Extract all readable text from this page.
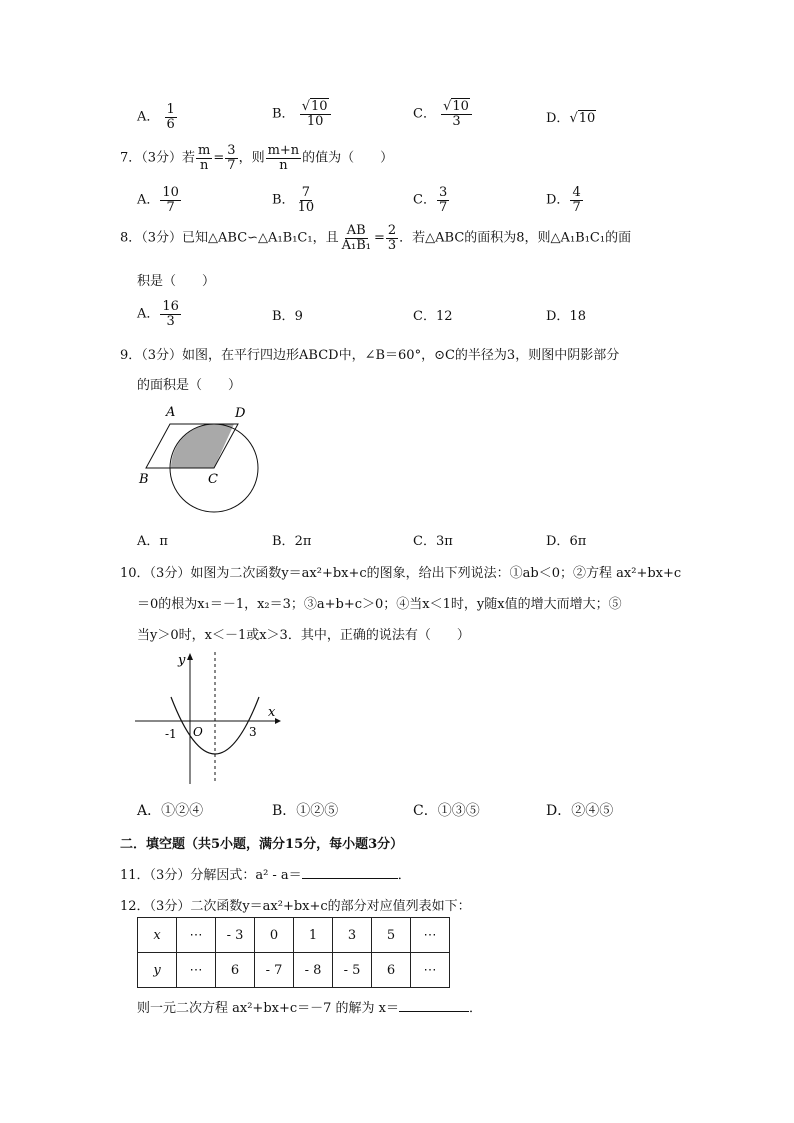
A． $\frac{1}{6}$	B． $\frac{√10}{10}$	C． $\frac{√10}{3}$	D．√10
7．（3分）若 $\frac{m}{n} = \frac{3}{7}$ ，则 $\frac{m+n}{n}$ 的值为（　　）
A． $\frac{10}{7}$	B． $\frac{7}{10}$	C． $\frac{3}{7}$	D． $\frac{4}{7}$
8．（3分）已知△ABC∽△A₁B₁C₁，且 $\frac{AB}{\text{A₁B₁}} = \frac{2}{3}$ ．若△ABC的面积为8，则△A₁B₁C₁的面
积是（　　）
A． $\frac{16}{3}$	B．9	C．12	D．18
9．（3分）如图，在平行四边形ABCD中，∠B＝60°，⊙C的半径为3，则图中阴影部分
的面积是（　　）
A	D
B	C
A．π	B．2π	C．3π	D．6π
10．（3分）如图为二次函数y＝ax²+bx+c的图象，给出下列说法：①ab＜0；②方程 ax²+bx+c
＝0的根为x₁＝－1，x₂＝3；③a+b+c＞0；④当x＜1时，y随x值的增大而增大；⑤
当y＞0时，x＜－1或x＞3．其中，正确的说法有（　　）
y
x
O
-1	3
A．①②④	B．①②⑤	C．①③⑤	D．②④⑤
二．填空题（共5小题，满分15分，每小题3分）
11．（3分）分解因式：a² - a＝	．
12．（3分）二次函数y＝ax²+bx+c的部分对应值列表如下：
x	⋯	- 3	0	1	3	5	⋯
y	⋯	6	- 7	- 8	- 5	6	⋯
则一元二次方程 ax²+bx+c＝－7 的解为 x＝	．
